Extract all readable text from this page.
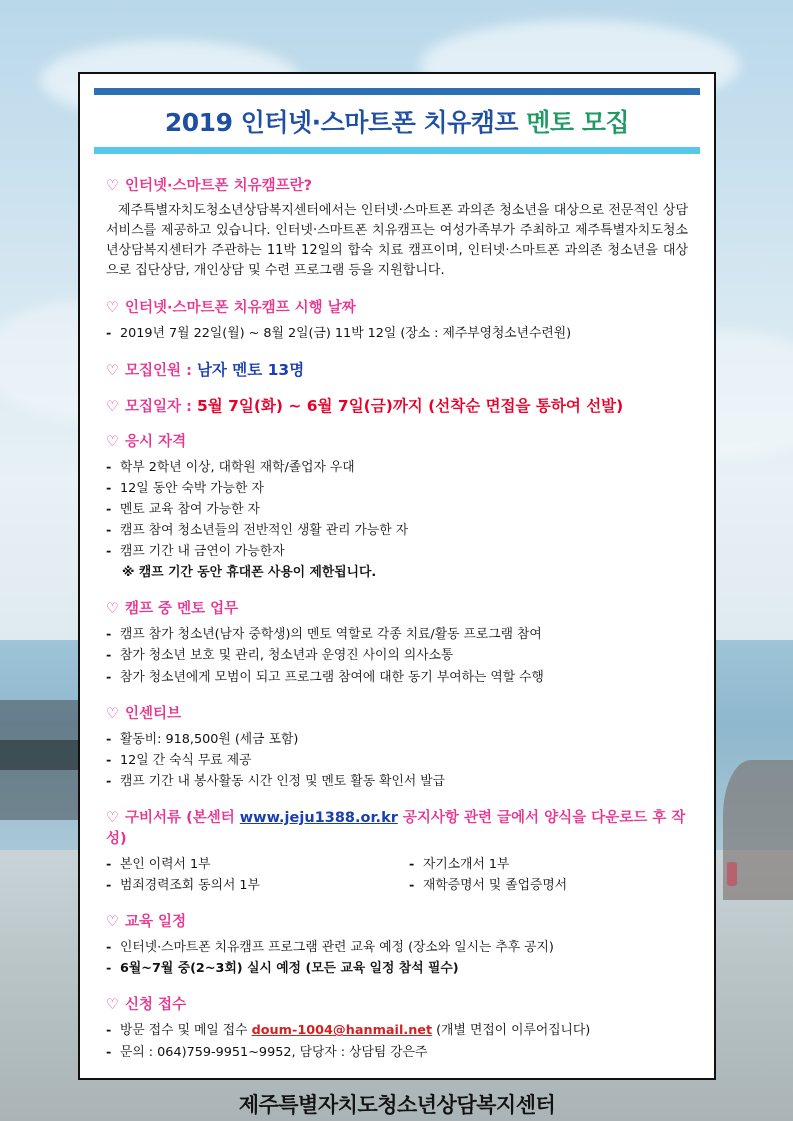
2019 인터넷·스마트폰 치유캠프 멘토 모집
♡ 인터넷·스마트폰 치유캠프란?

제주특별자치도청소년상담복지센터에서는 인터넷·스마트폰 과의존 청소년을 대상으로 전문적인 상담 서비스를 제공하고 있습니다. 인터넷·스마트폰 치유캠프는 여성가족부가 주최하고 제주특별자치도청소년상담복지센터가 주관하는 11박 12일의 합숙 치료 캠프이며, 인터넷·스마트폰 과의존 청소년을 대상으로 집단상담, 개인상담 및 수련 프로그램 등을 지원합니다.

♡ 인터넷·스마트폰 치유캠프 시행 날짜
- 2019년 7월 22일(월) ~ 8월 2일(금) 11박 12일 (장소 : 제주부영청소년수련원)
♡ 모집인원 : 남자 멘토 13명
♡ 모집일자 : 5월 7일(화) ~ 6월 7일(금)까지 (선착순 면접을 통하여 선발)
♡ 응시 자격
- 학부 2학년 이상, 대학원 재학/졸업자 우대
- 12일 동안 숙박 가능한 자
- 멘토 교육 참여 가능한 자
- 캠프 참여 청소년들의 전반적인 생활 관리 가능한 자
- 캠프 기간 내 금연이 가능한자
※ 캠프 기간 동안 휴대폰 사용이 제한됩니다.
♡ 캠프 중 멘토 업무
- 캠프 참가 청소년(남자 중학생)의 멘토 역할로 각종 치료/활동 프로그램 참여
- 참가 청소년 보호 및 관리, 청소년과 운영진 사이의 의사소통
- 참가 청소년에게 모범이 되고 프로그램 참여에 대한 동기 부여하는 역할 수행
♡ 인센티브
- 활동비: 918,500원 (세금 포함)
- 12일 간 숙식 무료 제공
- 캠프 기간 내 봉사활동 시간 인정 및 멘토 활동 확인서 발급
♡ 구비서류 (본센터 www.jeju1388.or.kr 공지사항 관련 글에서 양식을 다운로드 후 작성)
- 본인 이력서 1부
- 범죄경력조회 동의서 1부
- 자기소개서 1부
- 재학증명서 및 졸업증명서
♡ 교육 일정
- 인터넷·스마트폰 치유캠프 프로그램 관련 교육 예정 (장소와 일시는 추후 공지)
- 6월~7월 중(2~3회) 실시 예정 (모든 교육 일정 참석 필수)
♡ 신청 접수
- 방문 접수 및 메일 접수 doum-1004@hanmail.net (개별 면접이 이루어집니다)
- 문의 : 064)759-9951~9952, 담당자 : 상담팀 강은주
제주특별자치도청소년상담복지센터
